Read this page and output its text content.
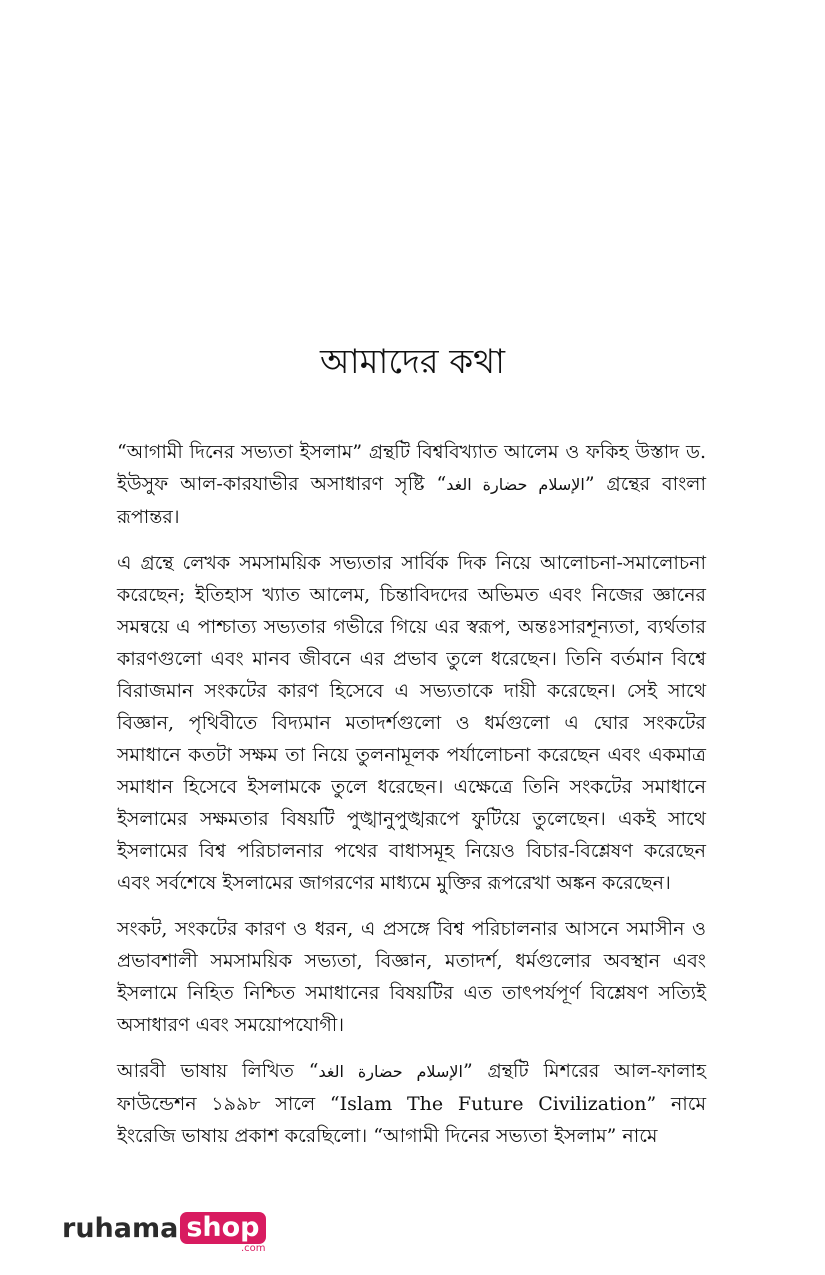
আমাদের কথা

“আগামী দিনের সভ্যতা ইসলাম” গ্রন্থটি বিশ্ববিখ্যাত আলেম ও ফকিহ উস্তাদ ড. ইউসুফ আল-কারযাভীর অসাধারণ সৃষ্টি “الإسلام حضارة الغد” গ্রন্থের বাংলা রূপান্তর।

এ গ্রন্থে লেখক সমসাময়িক সভ্যতার সার্বিক দিক নিয়ে আলোচনা-সমালোচনা করেছেন; ইতিহাস খ্যাত আলেম, চিন্তাবিদদের অভিমত এবং নিজের জ্ঞানের সমন্বয়ে এ পাশ্চাত্য সভ্যতার গভীরে গিয়ে এর স্বরূপ, অন্তঃসারশূন্যতা, ব্যর্থতার কারণগুলো এবং মানব জীবনে এর প্রভাব তুলে ধরেছেন। তিনি বর্তমান বিশ্বে বিরাজমান সংকটের কারণ হিসেবে এ সভ্যতাকে দায়ী করেছেন। সেই সাথে বিজ্ঞান, পৃথিবীতে বিদ্যমান মতাদর্শগুলো ও ধর্মগুলো এ ঘোর সংকটের সমাধানে কতটা সক্ষম তা নিয়ে তুলনামূলক পর্যালোচনা করেছেন এবং একমাত্র সমাধান হিসেবে ইসলামকে তুলে ধরেছেন। এক্ষেত্রে তিনি সংকটের সমাধানে ইসলামের সক্ষমতার বিষয়টি পুঙ্খানুপুঙ্খরূপে ফুটিয়ে তুলেছেন। একই সাথে ইসলামের বিশ্ব পরিচালনার পথের বাধাসমূহ নিয়েও বিচার-বিশ্লেষণ করেছেন এবং সর্বশেষে ইসলামের জাগরণের মাধ্যমে মুক্তির রূপরেখা অঙ্কন করেছেন।

সংকট, সংকটের কারণ ও ধরন, এ প্রসঙ্গে বিশ্ব পরিচালনার আসনে সমাসীন ও প্রভাবশালী সমসাময়িক সভ্যতা, বিজ্ঞান, মতাদর্শ, ধর্মগুলোর অবস্থান এবং ইসলামে নিহিত নিশ্চিত সমাধানের বিষয়টির এত তাৎপর্যপূর্ণ বিশ্লেষণ সত্যিই অসাধারণ এবং সময়োপযোগী।

আরবী ভাষায় লিখিত “الإسلام حضارة الغد” গ্রন্থটি মিশরের আল-ফালাহ ফাউন্ডেশন ১৯৯৮ সালে “Islam The Future Civilization” নামে ইংরেজি ভাষায় প্রকাশ করেছিলো। “আগামী দিনের সভ্যতা ইসলাম” নামে

ruhama shop
.com
